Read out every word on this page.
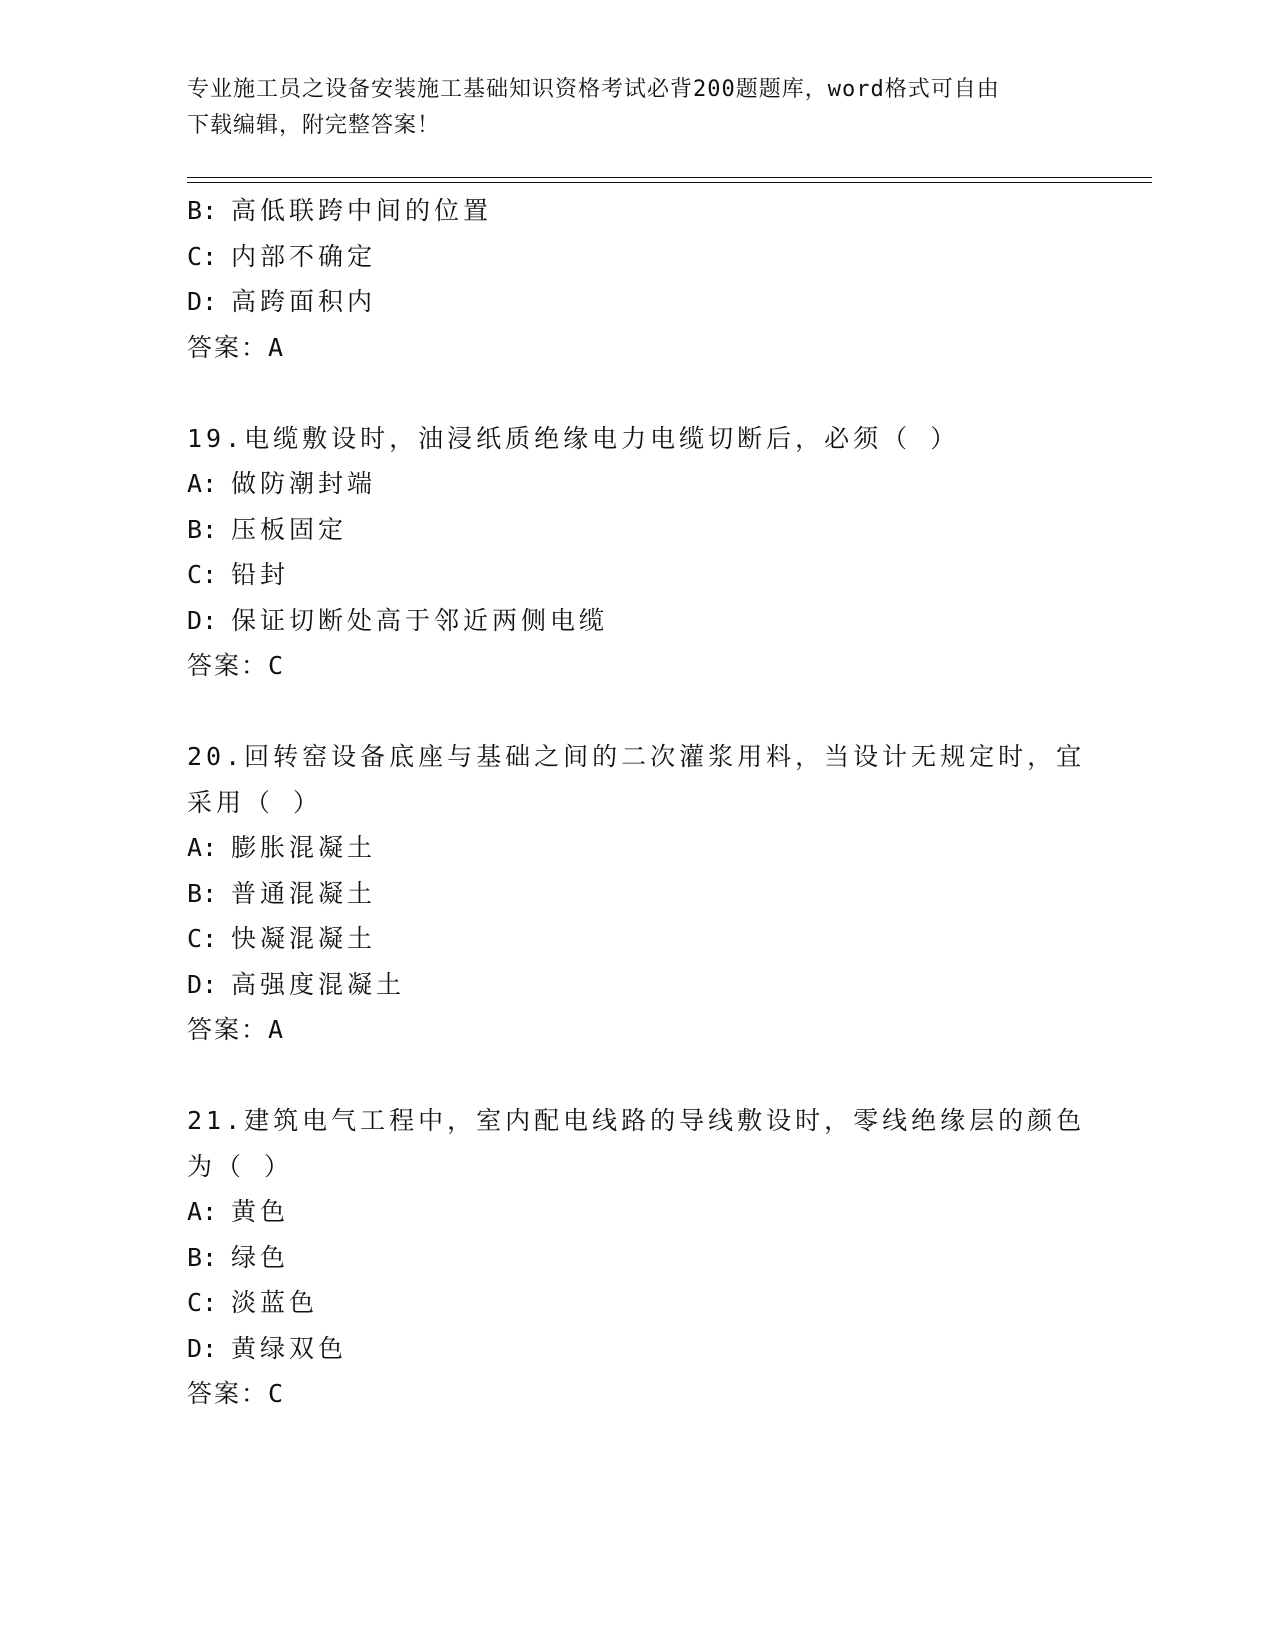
专业施工员之设备安装施工基础知识资格考试必背200题题库，word格式可自由
下载编辑，附完整答案！
B: 高低联跨中间的位置
C: 内部不确定
D: 高跨面积内
答案：A
19.电缆敷设时，油浸纸质绝缘电力电缆切断后，必须（ ）
A: 做防潮封端
B: 压板固定
C: 铅封
D: 保证切断处高于邻近两侧电缆
答案：C
20.回转窑设备底座与基础之间的二次灌浆用料，当设计无规定时，宜
采用（ ）
A: 膨胀混凝土
B: 普通混凝土
C: 快凝混凝土
D: 高强度混凝土
答案：A
21.建筑电气工程中，室内配电线路的导线敷设时，零线绝缘层的颜色
为（ ）
A: 黄色
B: 绿色
C: 淡蓝色
D: 黄绿双色
答案：C
